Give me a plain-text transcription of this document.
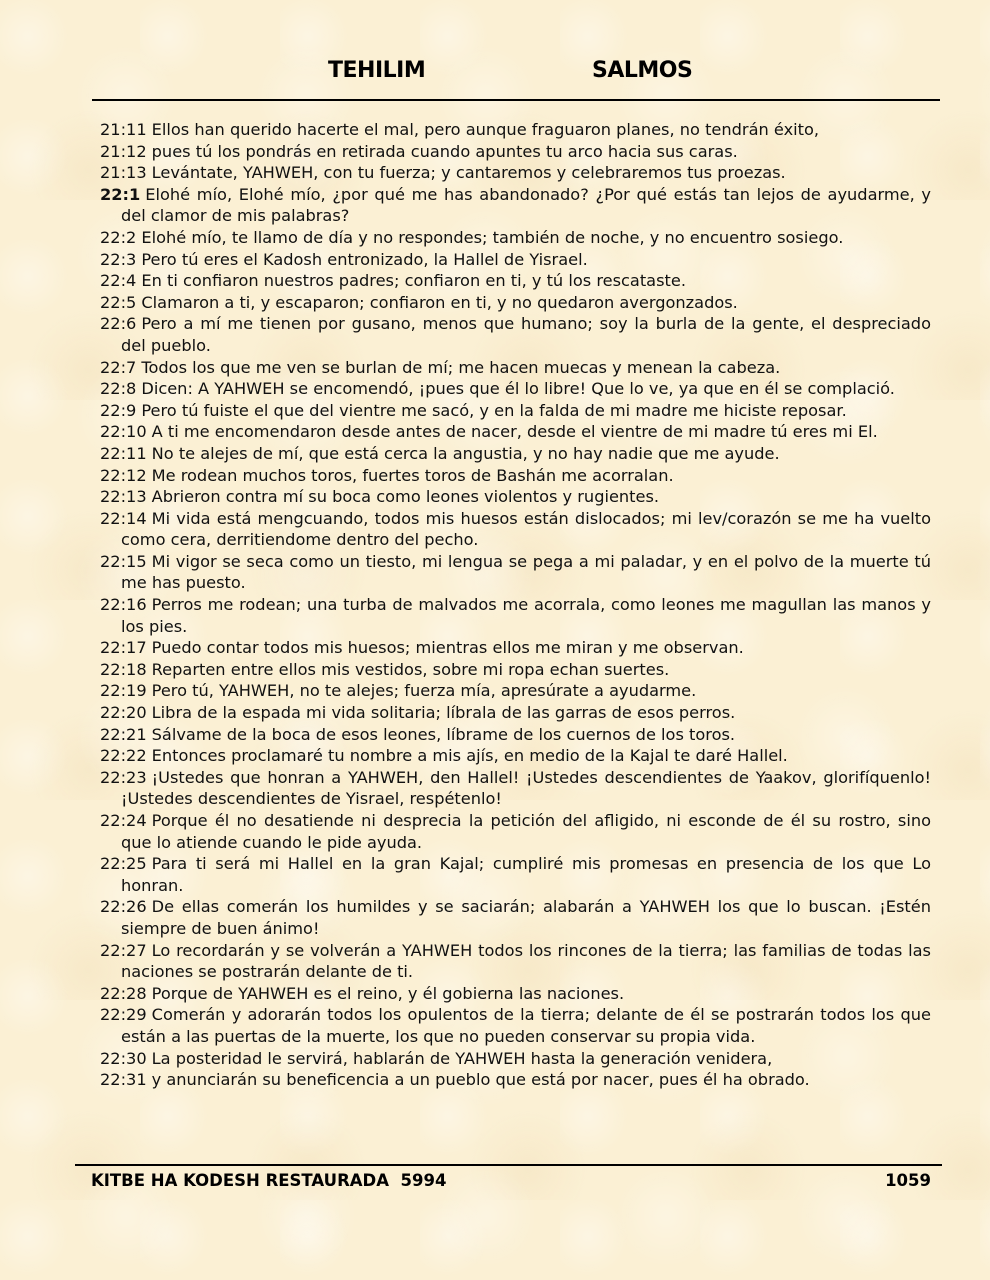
TEHILIM	SALMOS
21:11 Ellos han querido hacerte el mal, pero aunque fraguaron planes, no tendrán éxito,
21:12 pues tú los pondrás en retirada cuando apuntes tu arco hacia sus caras.
21:13 Levántate, YAHWEH, con tu fuerza; y cantaremos y celebraremos tus proezas.
22:1 Elohé mío, Elohé mío, ¿por qué me has abandonado? ¿Por qué estás tan lejos de ayudarme, y del clamor de mis palabras?
22:2 Elohé mío, te llamo de día y no respondes; también de noche, y no encuentro sosiego.
22:3 Pero tú eres el Kadosh entronizado, la Hallel de Yisrael.
22:4 En ti confiaron nuestros padres; confiaron en ti, y tú los rescataste.
22:5 Clamaron a ti, y escaparon; confiaron en ti, y no quedaron avergonzados.
22:6 Pero a mí me tienen por gusano, menos que humano; soy la burla de la gente, el despreciado del pueblo.
22:7 Todos los que me ven se burlan de mí; me hacen muecas y menean la cabeza.
22:8 Dicen: A YAHWEH se encomendó, ¡pues que él lo libre! Que lo ve, ya que en él se complació.
22:9 Pero tú fuiste el que del vientre me sacó, y en la falda de mi madre me hiciste reposar.
22:10 A ti me encomendaron desde antes de nacer, desde el vientre de mi madre tú eres mi El.
22:11 No te alejes de mí, que está cerca la angustia, y no hay nadie que me ayude.
22:12 Me rodean muchos toros, fuertes toros de Bashán me acorralan.
22:13 Abrieron contra mí su boca como leones violentos y rugientes.
22:14 Mi vida está mengcuando, todos mis huesos están dislocados; mi lev/corazón se me ha vuelto como cera, derritiendome dentro del pecho.
22:15 Mi vigor se seca como un tiesto, mi lengua se pega a mi paladar, y en el polvo de la muerte tú me has puesto.
22:16 Perros me rodean; una turba de malvados me acorrala, como leones me magullan las manos y los pies.
22:17 Puedo contar todos mis huesos; mientras ellos me miran y me observan.
22:18 Reparten entre ellos mis vestidos, sobre mi ropa echan suertes.
22:19 Pero tú, YAHWEH, no te alejes; fuerza mía, apresúrate a ayudarme.
22:20 Libra de la espada mi vida solitaria; líbrala de las garras de esos perros.
22:21 Sálvame de la boca de esos leones, líbrame de los cuernos de los toros.
22:22 Entonces proclamaré tu nombre a mis ajís, en medio de la Kajal te daré Hallel.
22:23 ¡Ustedes que honran a YAHWEH, den Hallel! ¡Ustedes descendientes de Yaakov, glorifíquenlo! ¡Ustedes descendientes de Yisrael, respétenlo!
22:24 Porque él no desatiende ni desprecia la petición del afligido, ni esconde de él su rostro, sino que lo atiende cuando le pide ayuda.
22:25 Para ti será mi Hallel en la gran Kajal; cumpliré mis promesas en presencia de los que Lo honran.
22:26 De ellas comerán los humildes y se saciarán; alabarán a YAHWEH los que lo buscan. ¡Estén siempre de buen ánimo!
22:27 Lo recordarán y se volverán a YAHWEH todos los rincones de la tierra; las familias de todas las naciones se postrarán delante de ti.
22:28 Porque de YAHWEH es el reino, y él gobierna las naciones.
22:29 Comerán y adorarán todos los opulentos de la tierra; delante de él se postrarán todos los que están a las puertas de la muerte, los que no pueden conservar su propia vida.
22:30 La posteridad le servirá, hablarán de YAHWEH hasta la generación venidera,
22:31 y anunciarán su beneficencia a un pueblo que está por nacer, pues él ha obrado.
KITBE HA KODESH RESTAURADA  5994	1059
